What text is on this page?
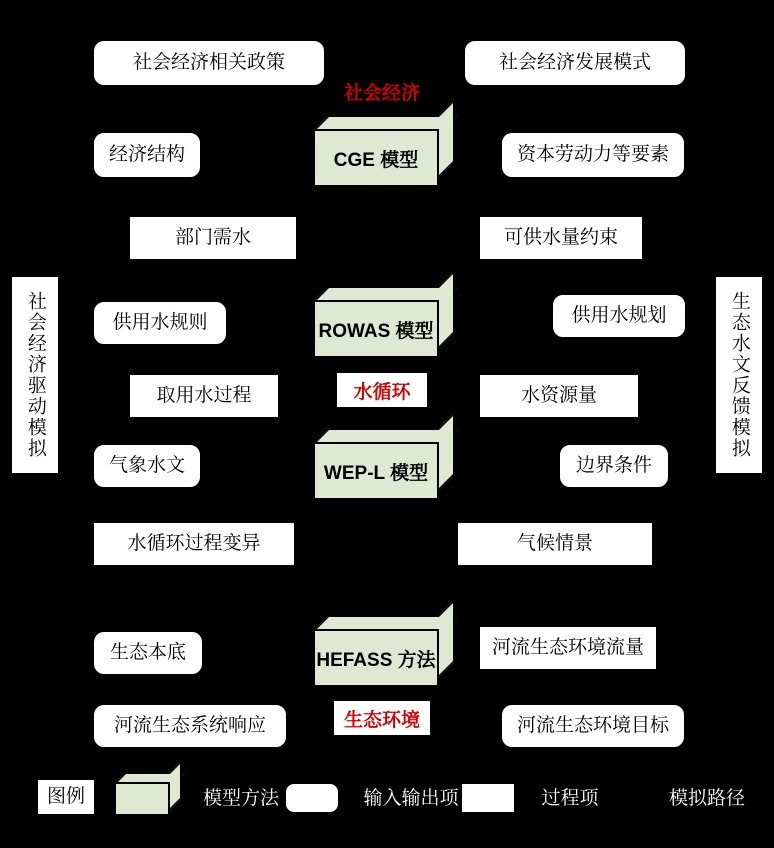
社会经济相关政策	社会经济发展模式
社会经济
CGE 模型
经济结构	资本劳动力等要素
部门需水	可供水量约束
社会经济驱动模拟	生态水文反馈模拟
ROWAS 模型
供用水规则	供用水规划
取用水过程	水循环	水资源量
WEP-L 模型
气象水文	边界条件
水循环过程变异	气候情景
HEFASS 方法
生态本底	河流生态环境流量
河流生态系统响应	生态环境	河流生态环境目标
图例	模型方法	输入输出项	过程项	模拟路径
